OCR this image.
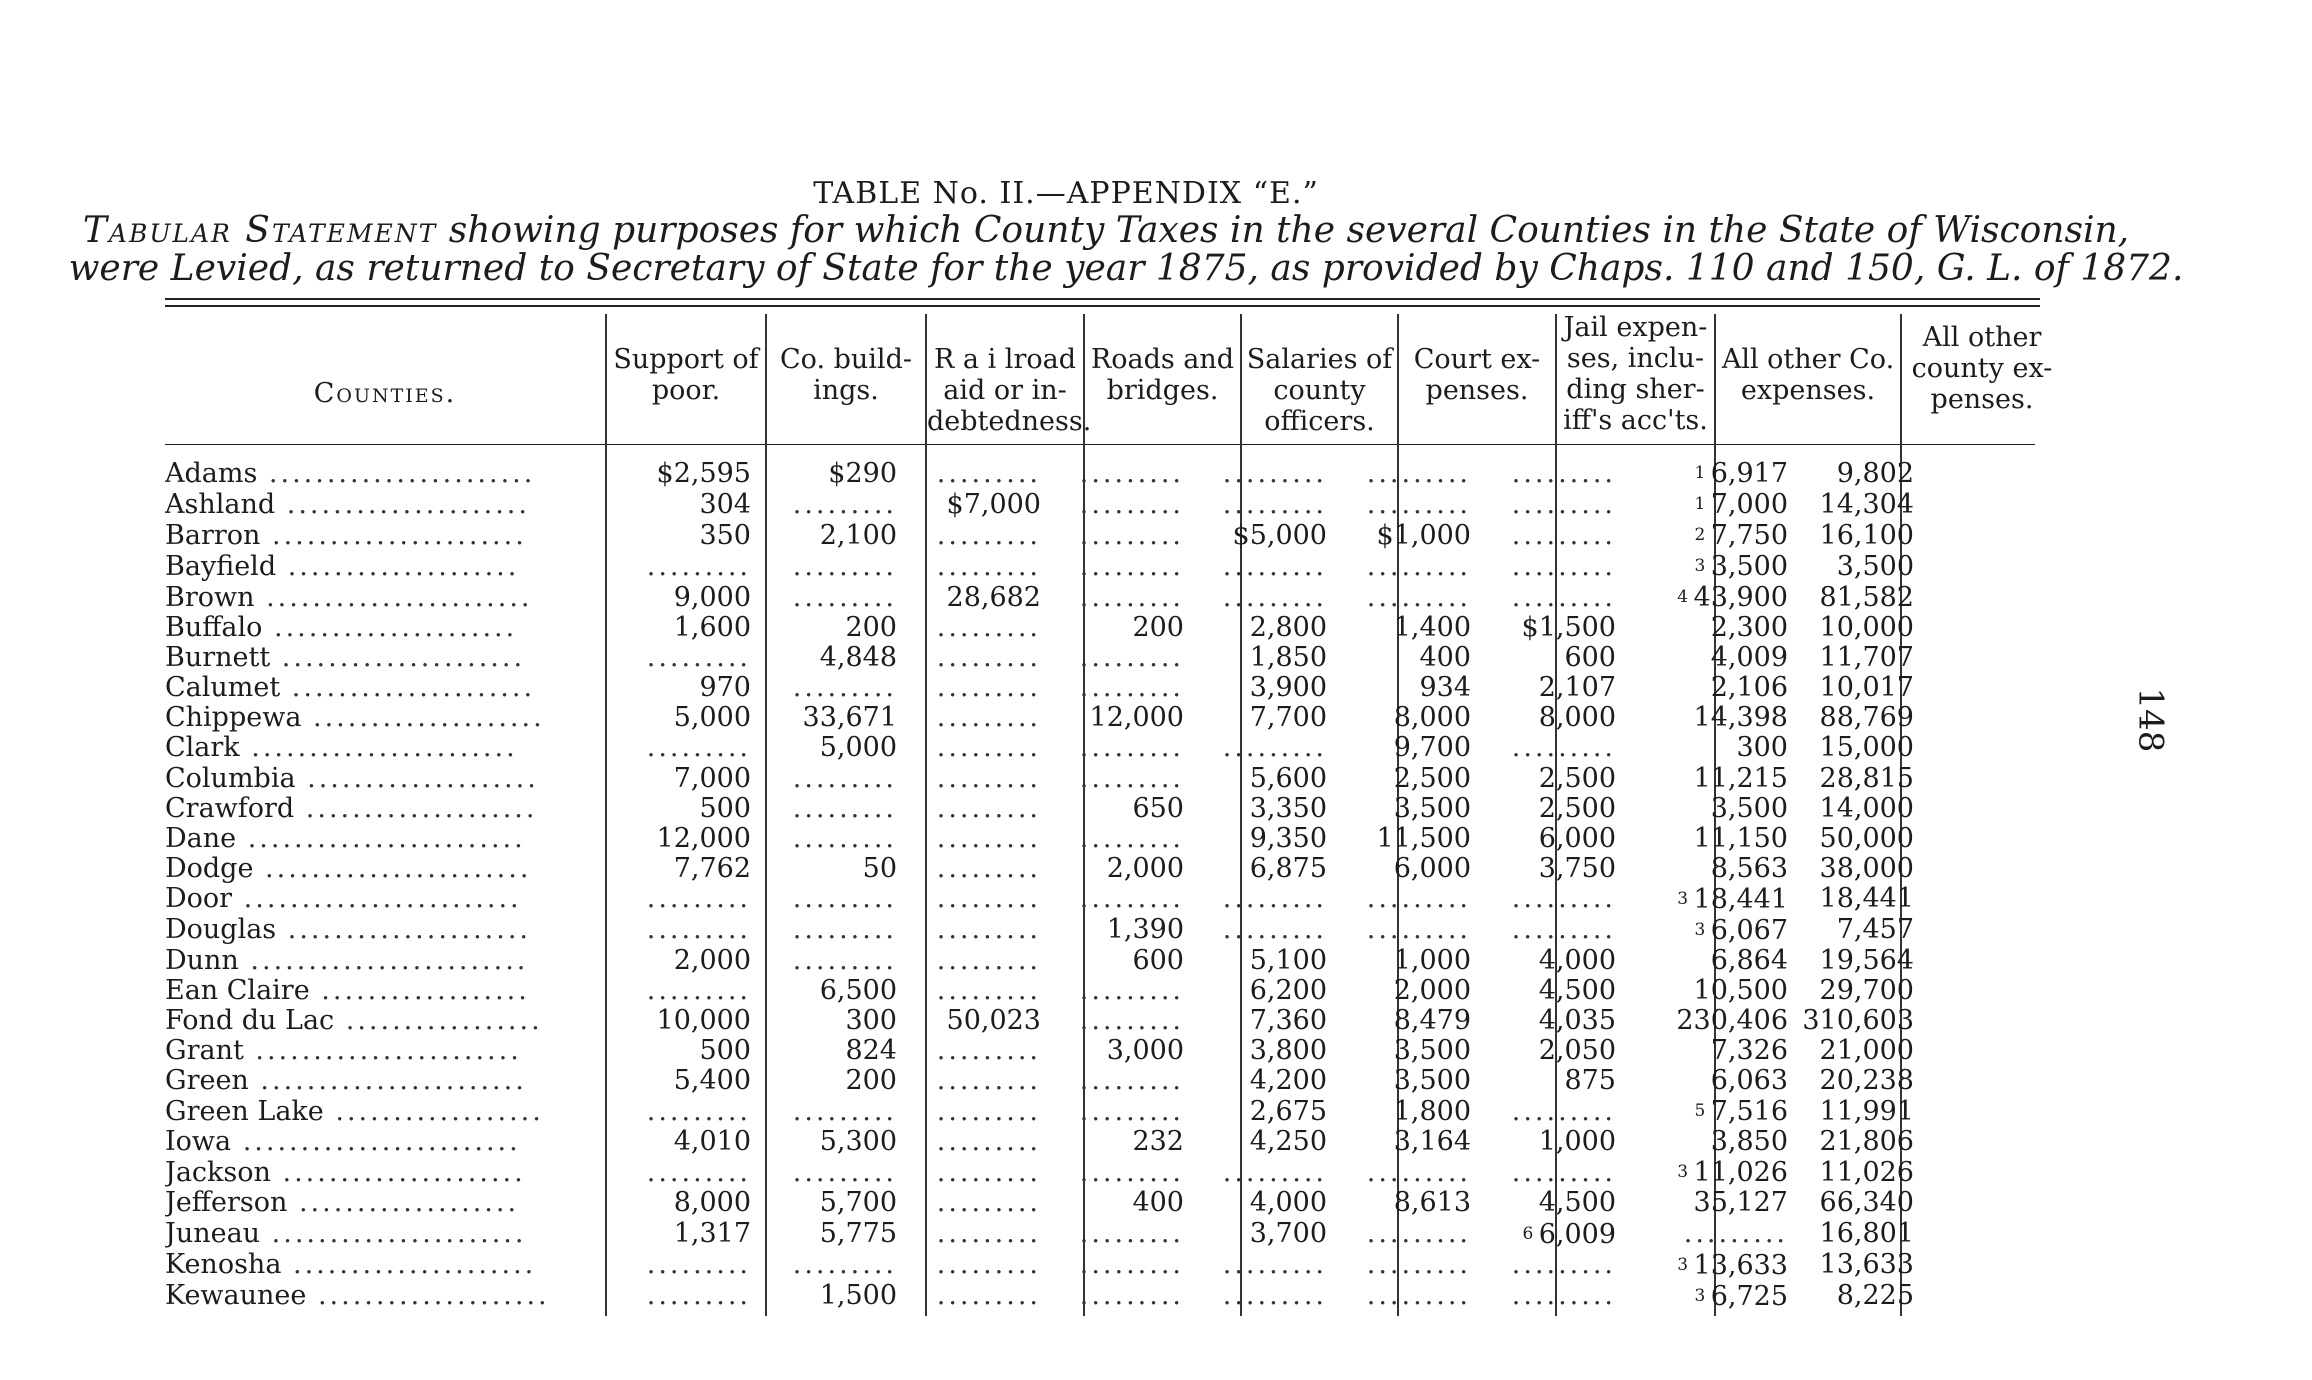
148
TABLE No. II.—APPENDIX “E.”
Tabular Statement showing purposes for which County Taxes in the several Counties in the State of Wisconsin,
were Levied, as returned to Secretary of State for the year 1875, as provided by Chaps. 110 and 150, G. L. of 1872.
Counties.
Support of
poor.
Co. build-
ings.
R a i lroad
aid or in-
debtedness.
Roads and
bridges.
Salaries of
county
officers.
Court ex-
penses.
Jail expen-
ses, inclu-
ding sher-
iff's acc'ts.
All other Co.
expenses.
All other
county ex-
penses.
Adams .......................	$2,595	$290	.........	.........	.........	.........	.........	$^1$ 6,917	9,802
Ashland .....................	304	.........	$7,000	.........	.........	.........	.........	$^1$ 7,000	14,304
Barron ......................	350	2,100	.........	.........	$5,000	$1,000	.........	$^2$ 7,750	16,100
Bayfield ....................	.........	.........	.........	.........	.........	.........	.........	$^3$ 3,500	3,500
Brown .......................	9,000	.........	28,682	.........	.........	.........	.........	$^4$ 43,900	81,582
Buffalo .....................	1,600	200	.........	200	2,800	1,400	$1,500	2,300	10,000
Burnett .....................	.........	4,848	.........	.........	1,850	400	600	4,009	11,707
Calumet .....................	970	.........	.........	.........	3,900	934	2,107	2,106	10,017
Chippewa ....................	5,000	33,671	.........	12,000	7,700	8,000	8,000	14,398	88,769
Clark .......................	.........	5,000	.........	.........	.........	9,700	.........	300	15,000
Columbia ....................	7,000	.........	.........	.........	5,600	2,500	2,500	11,215	28,815
Crawford ....................	500	.........	.........	650	3,350	3,500	2,500	3,500	14,000
Dane ........................	12,000	.........	.........	.........	9,350	11,500	6,000	11,150	50,000
Dodge .......................	7,762	50	.........	2,000	6,875	6,000	3,750	8,563	38,000
Door ........................	.........	.........	.........	.........	.........	.........	.........	$^3$ 18,441	18,441
Douglas .....................	.........	.........	.........	1,390	.........	.........	.........	$^3$ 6,067	7,457
Dunn ........................	2,000	.........	.........	600	5,100	1,000	4,000	6,864	19,564
Ean Claire ..................	.........	6,500	.........	.........	6,200	2,000	4,500	10,500	29,700
Fond du Lac .................	10,000	300	50,023	.........	7,360	8,479	4,035	230,406	310,603
Grant .......................	500	824	.........	3,000	3,800	3,500	2,050	7,326	21,000
Green .......................	5,400	200	.........	.........	4,200	3,500	875	6,063	20,238
Green Lake ..................	.........	.........	.........	.........	2,675	1,800	.........	$^5$ 7,516	11,991
Iowa ........................	4,010	5,300	.........	232	4,250	3,164	1,000	3,850	21,806
Jackson .....................	.........	.........	.........	.........	.........	.........	.........	$^3$ 11,026	11,026
Jefferson ...................	8,000	5,700	.........	400	4,000	8,613	4,500	35,127	66,340
Juneau ......................	1,317	5,775	.........	.........	3,700	.........	$^6$ 6,009	.........	16,801
Kenosha .....................	.........	.........	.........	.........	.........	.........	.........	$^3$ 13,633	13,633
Kewaunee ....................	.........	1,500	.........	.........	.........	.........	.........	$^3$ 6,725	8,225
